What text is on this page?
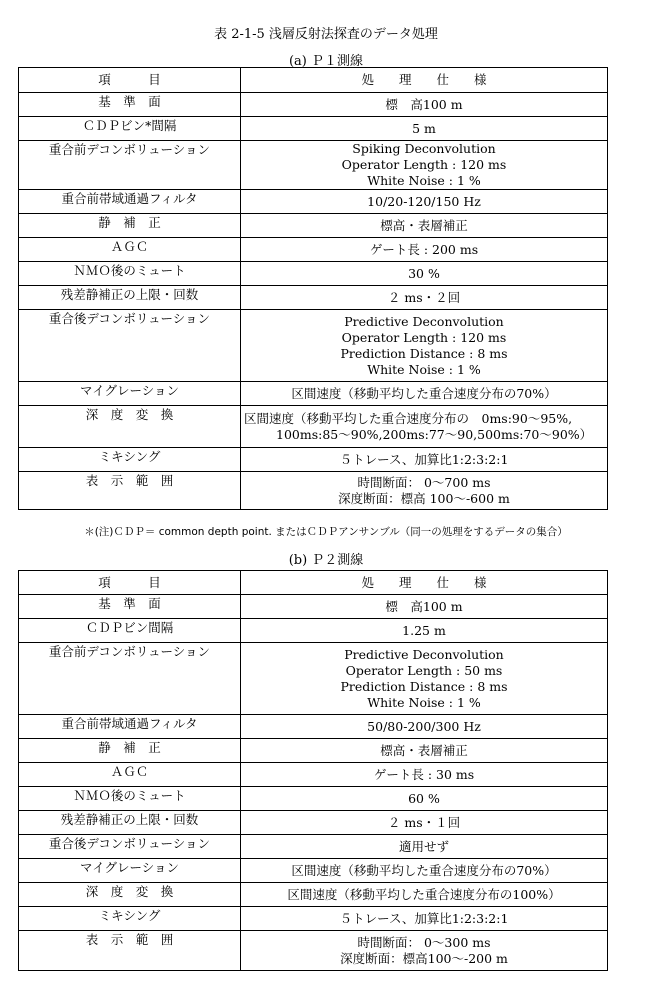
表 2-1-5 浅層反射法探査のデータ処理
(a) Ｐ１測線
項　　　目	処　　理　　仕　　様
基　準　面	標　高100 m

ＣＤＰビン*間隔	5 m

重合前デコンボリューション	Spiking Deconvolution
Operator Length : 120 ms
White Noise : 1 %

重合前帯域通過フィルタ	10/20-120/150 Hz

静　補　正	標高・表層補正

ＡＧＣ	ゲート長 : 200 ms

ＮＭＯ後のミュート	30 %

残差静補正の上限・回数	２ ms・２回

重合後デコンボリューション	Predictive Deconvolution
Operator Length : 120 ms
Prediction Distance : 8 ms
White Noise : 1 %

マイグレーション	区間速度（移動平均した重合速度分布の70%）

深　度　変　換	区間速度（移動平均した重合速度分布の　0ms:90～95%,
100ms:85～90%,200ms:77～90,500ms:70～90%）

ミキシング	５トレース、加算比1:2:3:2:1

表　示　範　囲	時間断面： 0～700 ms
深度断面：標高 100～-600 m
＊(注)ＣＤＰ＝ common depth point. またはＣＤＰアンサンブル（同一の処理をするデータの集合）
(b) Ｐ２測線
項　　　目	処　　理　　仕　　様
基　準　面	標　高100 m

ＣＤＰビン間隔	1.25 m

重合前デコンボリューション	Predictive Deconvolution
Operator Length : 50 ms
Prediction Distance : 8 ms
White Noise : 1 %

重合前帯域通過フィルタ	50/80-200/300 Hz

静　補　正	標高・表層補正

ＡＧＣ	ゲート長 : 30 ms

ＮＭＯ後のミュート	60 %

残差静補正の上限・回数	２ ms・１回

重合後デコンボリューション	適用せず

マイグレーション	区間速度（移動平均した重合速度分布の70%）

深　度　変　換	区間速度（移動平均した重合速度分布の100%）

ミキシング	５トレース、加算比1:2:3:2:1

表　示　範　囲	時間断面： 0～300 ms
深度断面：標高100～-200 m
